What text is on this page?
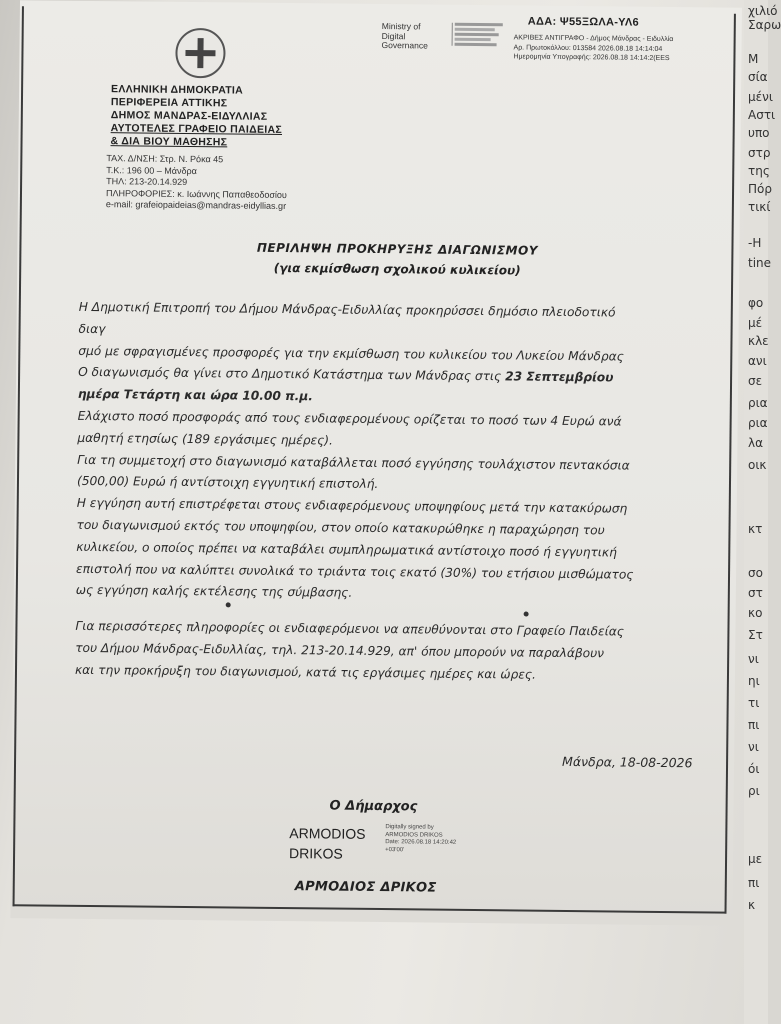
χιλιό
Σαρω
Μ
σία
μένι
Αστι
υπο
στρ
της
Πόρ
τικί
-Η
tine
φο
μέ
κλε
ανι
σε
ρια
ρια
λα
οικ
κτ
σο
στ
κο
Στ
νι
ηι
τι
πι
νι
όι
ρι
με
πι
κ
ΕΛΛΗΝΙΚΗ ΔΗΜΟΚΡΑΤΙΑ
ΠΕΡΙΦΕΡΕΙΑ ΑΤΤΙΚΗΣ
ΔΗΜΟΣ ΜΑΝΔΡΑΣ-ΕΙΔΥΛΛΙΑΣ
ΑΥΤΟΤΕΛΕΣ ΓΡΑΦΕΙΟ ΠΑΙΔΕΙΑΣ
& ΔΙΑ ΒΙΟΥ ΜΑΘΗΣΗΣ
ΤΑΧ. Δ/ΝΣΗ: Στρ. Ν. Ρόκα 45
Τ.Κ.: 196 00 – Μάνδρα
ΤΗΛ: 213-20.14.929
ΠΛΗΡΟΦΟΡΙΕΣ: κ. Ιωάννης Παπαθεοδοσίου
e-mail: grafeiopaideias@mandras-eidyllias.gr
Ministry of
Digital
Governance
ΑΔΑ: Ψ55ΞΩΛΑ-ΥΛ6
ΑΚΡΙΒΕΣ ΑΝΤΙΓΡΑΦΟ - Δήμος Μάνδρας - Ειδυλλία
Αρ. Πρωτοκόλλου: 013584 2026.08.18 14:14:04
Ημερομηνία Υπογραφής: 2026.08.18 14:14:2(EES
ΠΕΡΙΛΗΨΗ ΠΡΟΚΗΡΥΞΗΣ ΔΙΑΓΩΝΙΣΜΟΥ
(για εκμίσθωση σχολικού κυλικείου)
Η Δημοτική Επιτροπή του Δήμου Μάνδρας-Ειδυλλίας προκηρύσσει δημόσιο πλειοδοτικό
διαγ
σμό με σφραγισμένες προσφορές για την εκμίσθωση του κυλικείου του Λυκείου Μάνδρας
Ο διαγωνισμός θα γίνει στο Δημοτικό Κατάστημα των Μάνδρας στις 23 Σεπτεμβρίου
ημέρα Τετάρτη και ώρα 10.00 π.μ.
Ελάχιστο ποσό προσφοράς από τους ενδιαφερομένους ορίζεται το ποσό των 4 Ευρώ ανά
μαθητή ετησίως (189 εργάσιμες ημέρες).
Για τη συμμετοχή στο διαγωνισμό καταβάλλεται ποσό εγγύησης τουλάχιστον πεντακόσια
(500,00) Ευρώ ή αντίστοιχη εγγυητική επιστολή.
Η εγγύηση αυτή επιστρέφεται στους ενδιαφερόμενους υποψηφίους μετά την κατακύρωση
του διαγωνισμού εκτός του υποψηφίου, στον οποίο κατακυρώθηκε η παραχώρηση του
κυλικείου, ο οποίος πρέπει να καταβάλει συμπληρωματικά αντίστοιχο ποσό ή εγγυητική
επιστολή που να καλύπτει συνολικά το τριάντα τοις εκατό (30%) του ετήσιου μισθώματος
ως εγγύηση καλής εκτέλεσης της σύμβασης.
Για περισσότερες πληροφορίες οι ενδιαφερόμενοι να απευθύνονται στο Γραφείο Παιδείας
του Δήμου Μάνδρας-Ειδυλλίας, τηλ. 213-20.14.929, απ' όπου μπορούν να παραλάβουν
και την προκήρυξη του διαγωνισμού, κατά τις εργάσιμες ημέρες και ώρες.
Μάνδρα, 18-08-2026
Ο Δήμαρχος
ARMODIOS
DRIKOS
Digitally signed by
ARMODIOS DRIKOS
Date: 2026.08.18 14:20:42
+03'00'
ΑΡΜΟΔΙΟΣ ΔΡΙΚΟΣ
